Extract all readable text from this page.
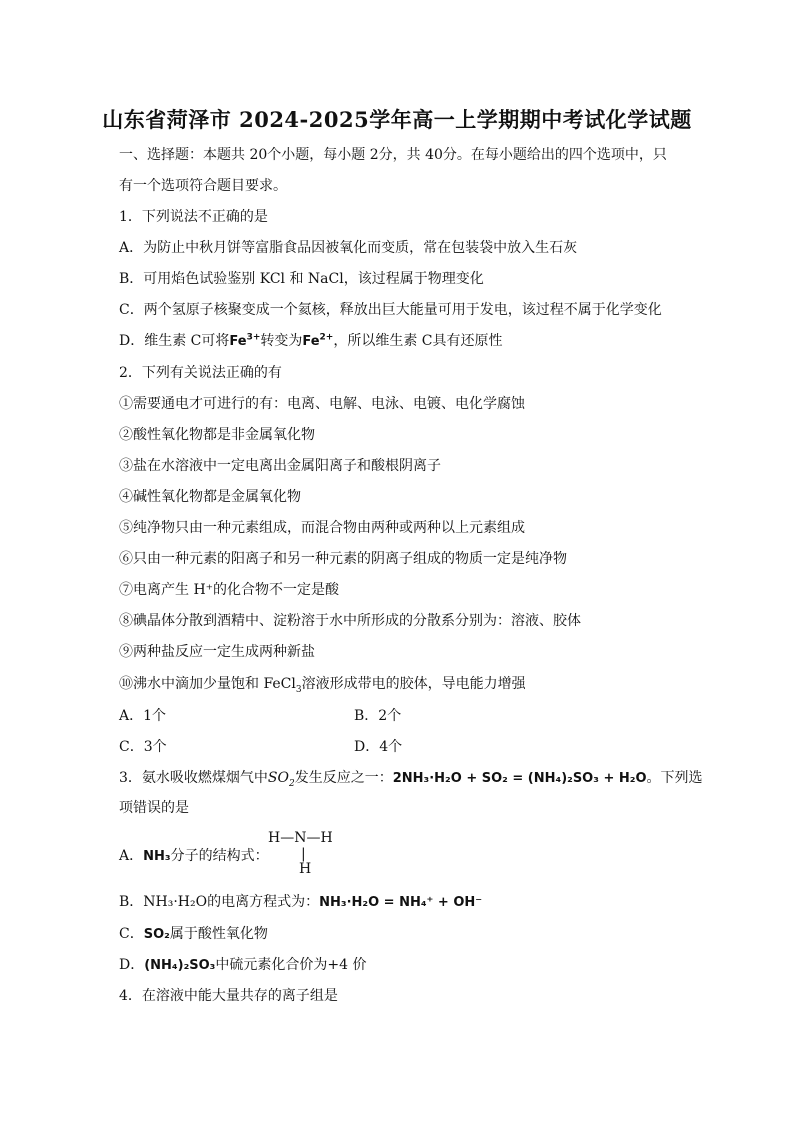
山东省菏泽市 2024-2025学年高一上学期期中考试化学试题
一、选择题：本题共 20个小题，每小题 2分，共 40分。在每小题给出的四个选项中，只
有一个选项符合题目要求。
1．下列说法不正确的是
A．为防止中秋月饼等富脂食品因被氧化而变质，常在包装袋中放入生石灰
B．可用焰色试验鉴别 KCl 和 NaCl，该过程属于物理变化
C．两个氢原子核聚变成一个氦核，释放出巨大能量可用于发电，该过程不属于化学变化
D．维生素 C可将$Fe^{3+}$转变为$Fe^{2+}$，所以维生素 C具有还原性
2．下列有关说法正确的有
①需要通电才可进行的有：电离、电解、电泳、电镀、电化学腐蚀
②酸性氧化物都是非金属氧化物
③盐在水溶液中一定电离出金属阳离子和酸根阴离子
④碱性氧化物都是金属氧化物
⑤纯净物只由一种元素组成，而混合物由两种或两种以上元素组成
⑥只由一种元素的阳离子和另一种元素的阴离子组成的物质一定是纯净物
⑦电离产生 H⁺的化合物不一定是酸
⑧碘晶体分散到酒精中、淀粉溶于水中所形成的分散系分别为：溶液、胶体
⑨两种盐反应一定生成两种新盐
⑩沸水中滴加少量饱和 FeCl$_3$溶液形成带电的胶体，导电能力增强
A．1个	B．2个
C．3个	D．4个
3．氨水吸收燃煤烟气中$SO_2$发生反应之一：2NH₃·H₂O + SO₂ = (NH₄)₂SO₃ + H₂O。下列选
项错误的是
A．NH₃分子的结构式：
H—N—H
|
H
B．NH₃·H₂O的电离方程式为：NH₃·H₂O = NH₄⁺ + OH⁻
C．SO₂属于酸性氧化物
D．(NH₄)₂SO₃中硫元素化合价为+4 价
4．在溶液中能大量共存的离子组是
